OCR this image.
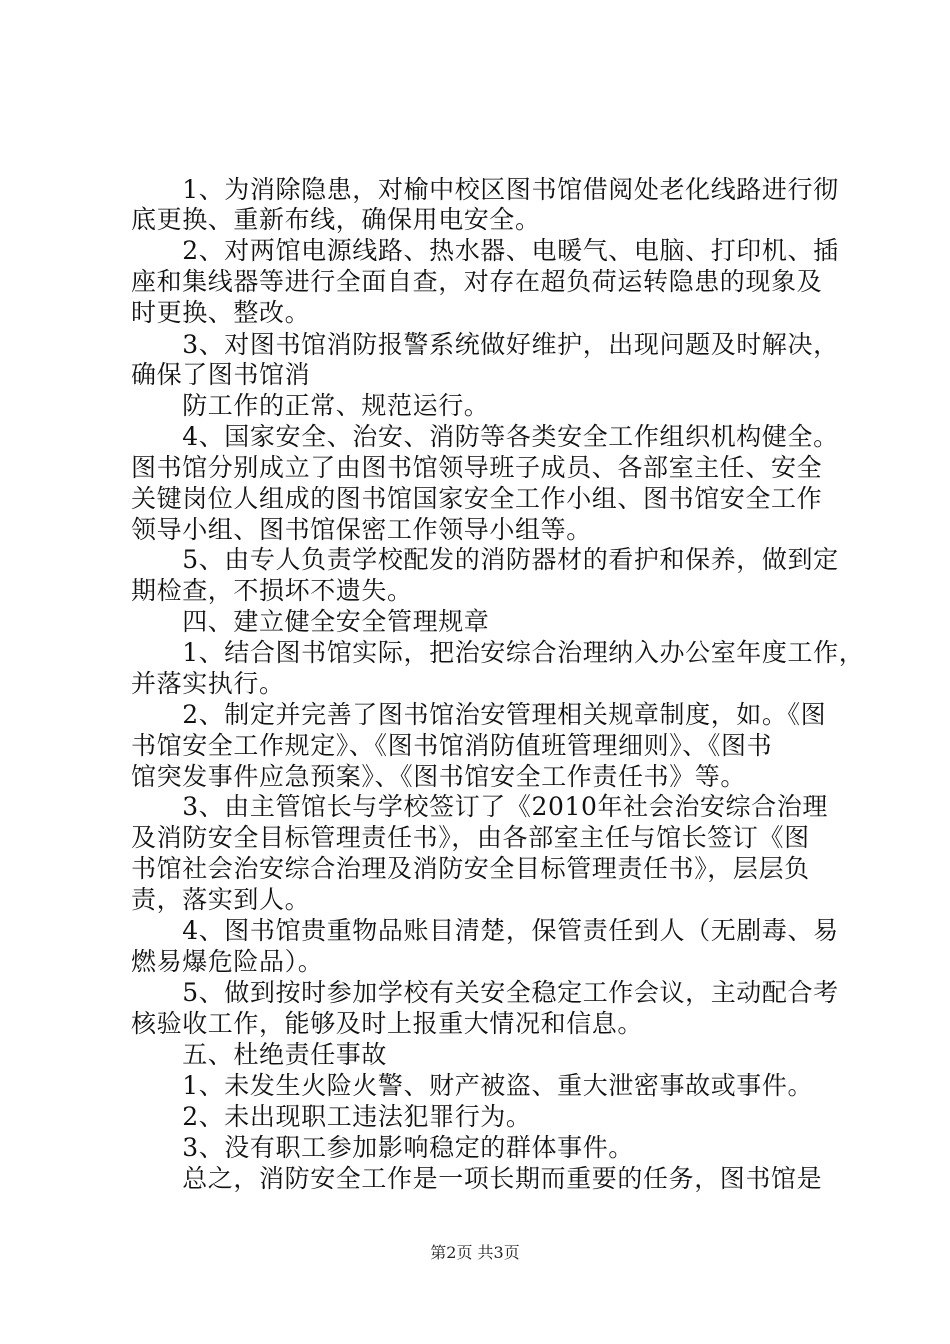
　　1、为消除隐患，对榆中校区图书馆借阅处老化线路进行彻
底更换、重新布线，确保用电安全。
　　2、对两馆电源线路、热水器、电暖气、电脑、打印机、插
座和集线器等进行全面自查，对存在超负荷运转隐患的现象及
时更换、整改。
　　3、对图书馆消防报警系统做好维护，出现问题及时解决，
确保了图书馆消
　　防工作的正常、规范运行。
　　4、国家安全、治安、消防等各类安全工作组织机构健全。
图书馆分别成立了由图书馆领导班子成员、各部室主任、安全
关键岗位人组成的图书馆国家安全工作小组、图书馆安全工作
领导小组、图书馆保密工作领导小组等。
　　5、由专人负责学校配发的消防器材的看护和保养，做到定
期检查，不损坏不遗失。
　　四、建立健全安全管理规章
　　1、结合图书馆实际，把治安综合治理纳入办公室年度工作，
并落实执行。
　　2、制定并完善了图书馆治安管理相关规章制度，如。《图
书馆安全工作规定》、《图书馆消防值班管理细则》、《图书
馆突发事件应急预案》、《图书馆安全工作责任书》等。
　　3、由主管馆长与学校签订了《2010年社会治安综合治理
及消防安全目标管理责任书》，由各部室主任与馆长签订《图
书馆社会治安综合治理及消防安全目标管理责任书》，层层负
责，落实到人。
　　4、图书馆贵重物品账目清楚，保管责任到人（无剧毒、易
燃易爆危险品）。
　　5、做到按时参加学校有关安全稳定工作会议，主动配合考
核验收工作，能够及时上报重大情况和信息。
　　五、杜绝责任事故
　　1、未发生火险火警、财产被盗、重大泄密事故或事件。
　　2、未出现职工违法犯罪行为。
　　3、没有职工参加影响稳定的群体事件。
　　总之，消防安全工作是一项长期而重要的任务，图书馆是
第2页 共3页
